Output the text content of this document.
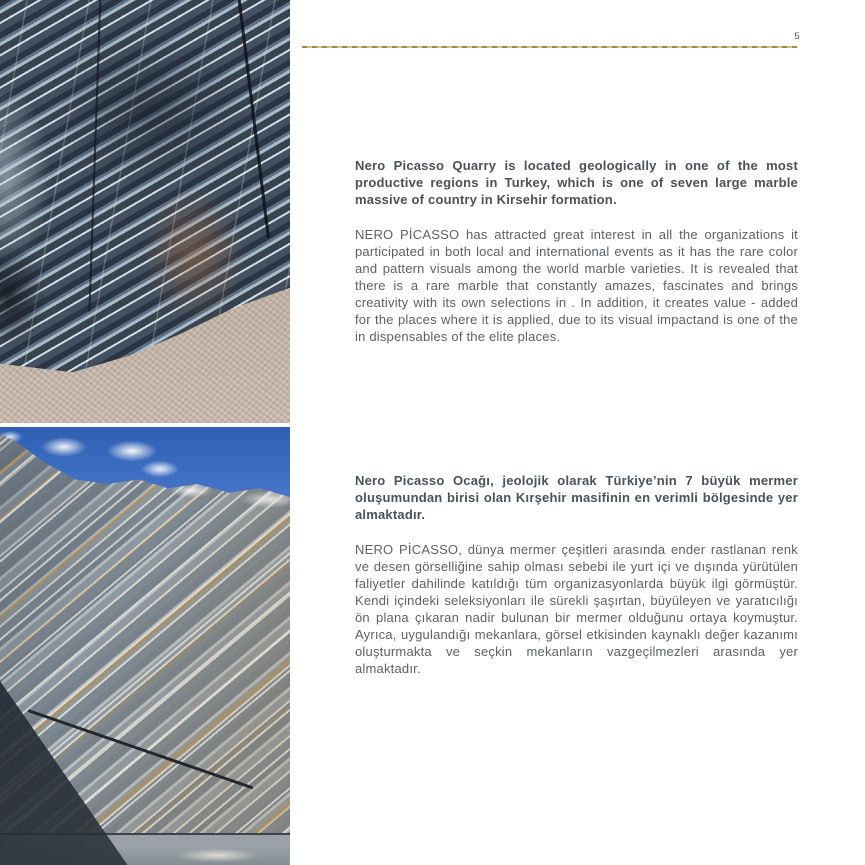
5

Nero Picasso Quarry is located geologically in one of the most productive regions in Turkey, which is one of seven large marble massive of country in Kirsehir formation.

NERO PİCASSO has attracted great interest in all the organizations it participated in both local and international events as it has the rare color and pattern visuals among the world marble varieties. It is revealed that there is a rare marble that constantly amazes, fascinates and brings creativity with its own selections in . In addition, it creates value - added for the places where it is applied, due to its visual impactand is one of the in dispensables of the elite places.

Nero Picasso Ocağı, jeolojik olarak Türkiye’nin 7 büyük mermer oluşumundan birisi olan Kırşehir masifinin en verimli bölgesinde yer almaktadır.

NERO PİCASSO, dünya mermer çeşitleri arasında ender rastlanan renk ve desen görselliğine sahip olması sebebi ile yurt içi ve dışında yürütülen faliyetler dahilinde katıldığı tüm organizasyonlarda büyük ilgi görmüştür. Kendi içindeki seleksiyonları ile sürekli şaşırtan, büyüleyen ve yaratıcılığı ön plana çıkaran nadir bulunan bir mermer olduğunu ortaya koymuştur. Ayrıca, uygulandığı mekanlara, görsel etkisinden kaynaklı değer kazanımı oluşturmakta ve seçkin mekanların vazgeçilmezleri arasında yer almaktadır.
